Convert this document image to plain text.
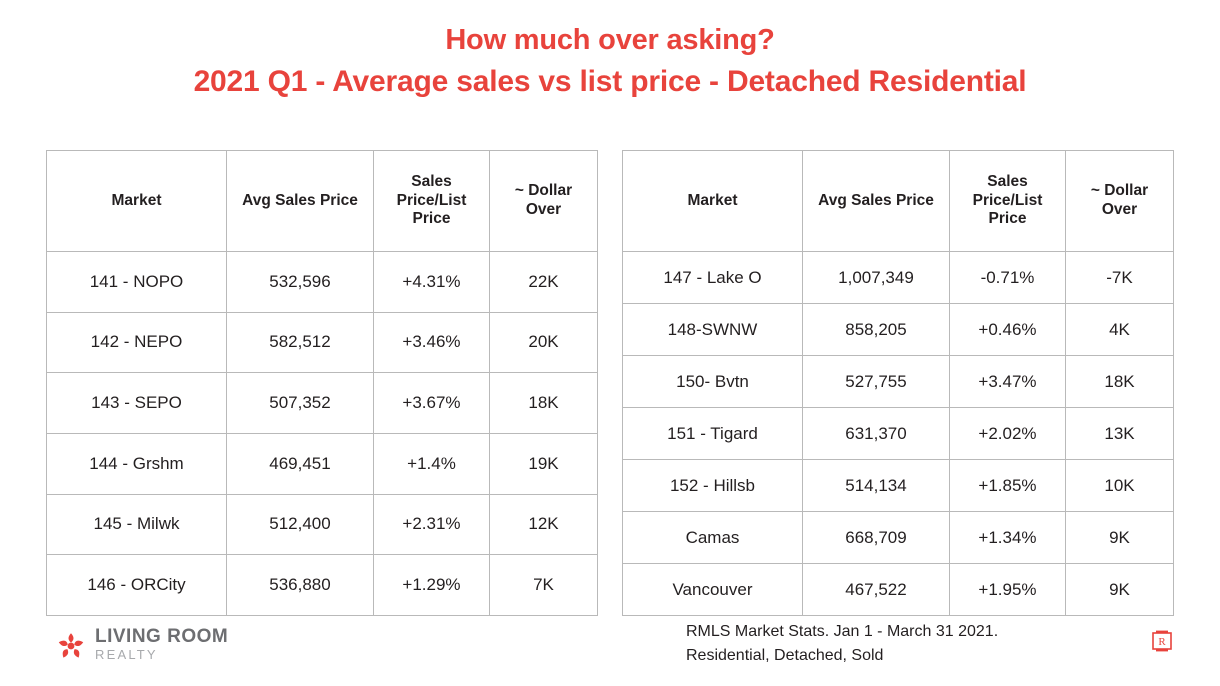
How much over asking?
2021 Q1 - Average sales vs list price - Detached Residential
Market	Avg Sales Price	Sales Price/List Price	~ Dollar Over
141 - NOPO	532,596	+4.31%	22K
142 - NEPO	582,512	+3.46%	20K
143 - SEPO	507,352	+3.67%	18K
144 - Grshm	469,451	+1.4%	19K
145 - Milwk	512,400	+2.31%	12K
146 - ORCity	536,880	+1.29%	7K
Market	Avg Sales Price	Sales Price/List Price	~ Dollar Over
147 - Lake O	1,007,349	-0.71%	-7K
148-SWNW	858,205	+0.46%	4K
150- Bvtn	527,755	+3.47%	18K
151 - Tigard	631,370	+2.02%	13K
152 - Hillsb	514,134	+1.85%	10K
Camas	668,709	+1.34%	9K
Vancouver	467,522	+1.95%	9K
LIVING ROOM
REALTY
RMLS Market Stats. Jan 1 - March 31 2021.
Residential, Detached, Sold
R
